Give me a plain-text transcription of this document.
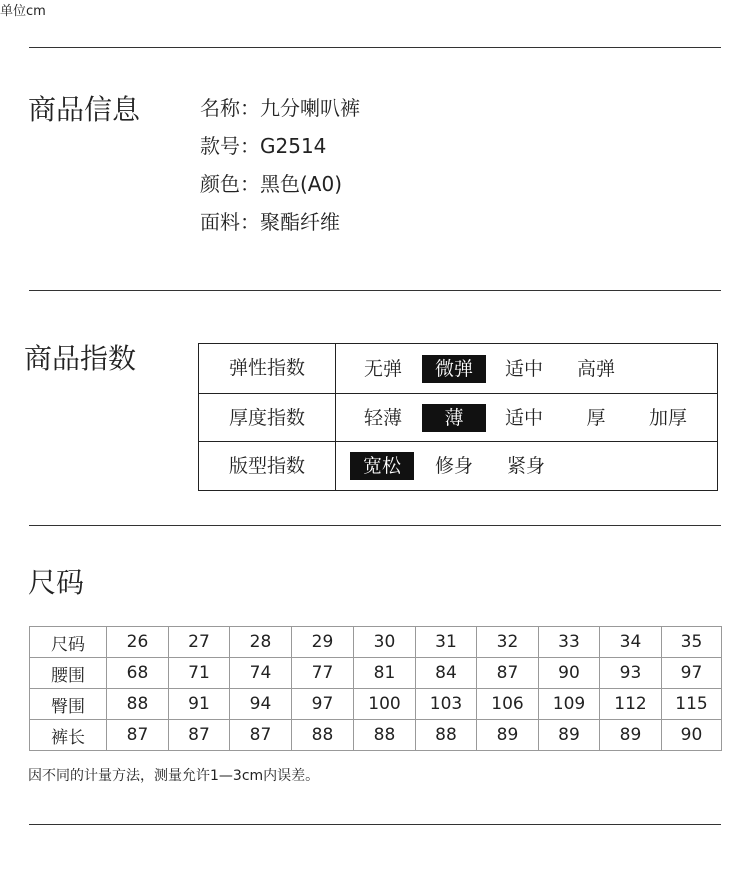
商品信息	名称：九分喇叭裤
款号：G2514
颜色：黑色(A0)
面料：聚酯纤维
商品指数	弹性指数	无弹	微弹	适中	高弹
厚度指数	轻薄	薄	适中	厚	加厚
版型指数	宽松	修身	紧身
尺码
单位cm
尺码	26	27	28	29	30	31	32	33	34	35
腰围	68	71	74	77	81	84	87	90	93	97
臀围	88	91	94	97	100	103	106	109	112	115
裤长	87	87	87	88	88	88	89	89	89	90
因不同的计量方法，测量允许1—3cm内误差。
